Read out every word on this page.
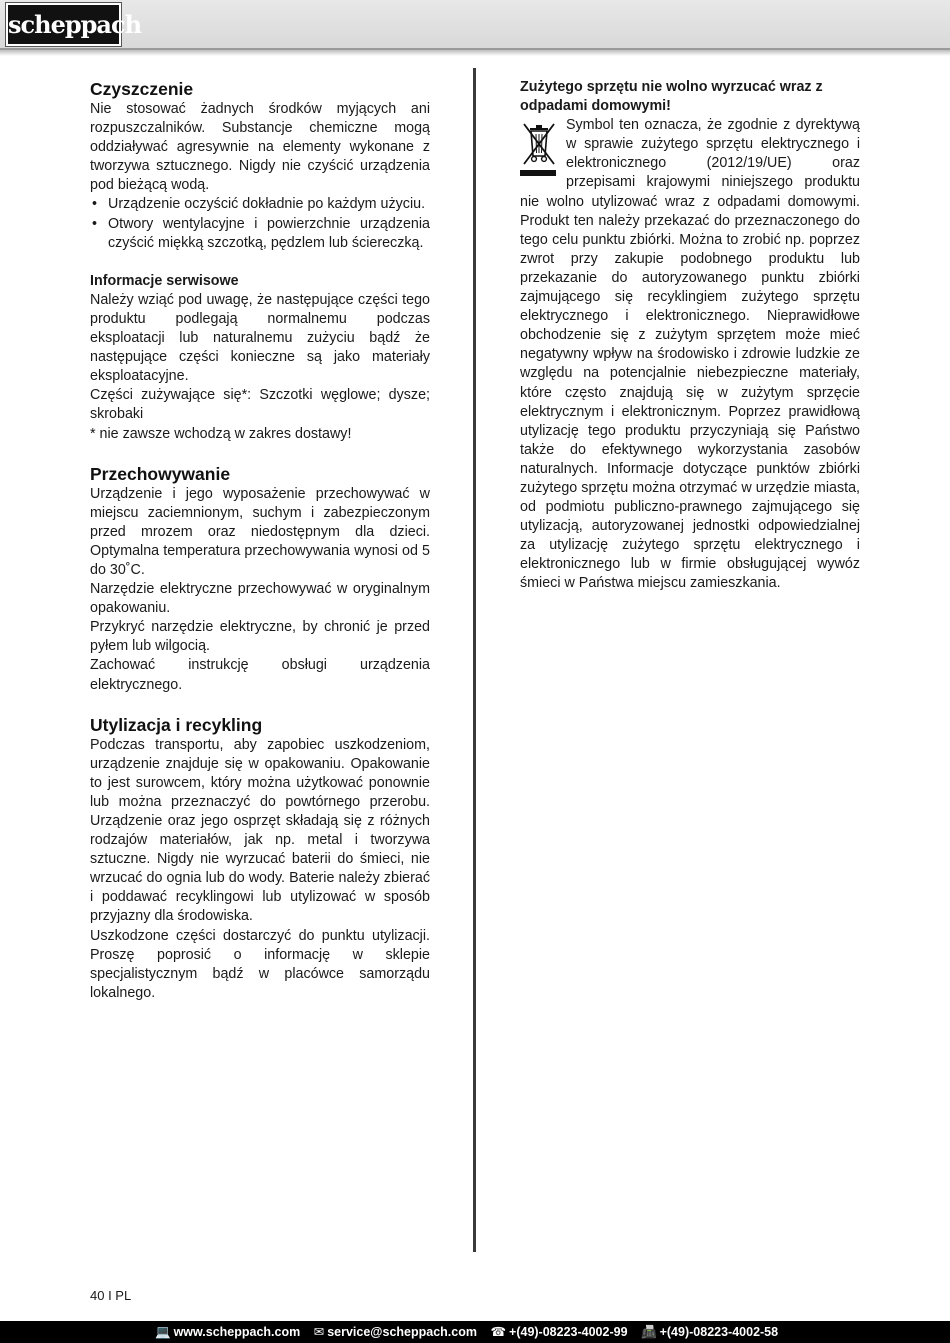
scheppach
Czyszczenie

Nie stosować żadnych środków myjących ani rozpuszczalników. Substancje chemiczne mogą oddziaływać agresywnie na elementy wykonane z tworzywa sztucznego. Nigdy nie czyścić urządzenia pod bieżącą wodą.

• Urządzenie oczyścić dokładnie po każdym użyciu.
• Otwory wentylacyjne i powierzchnie urządzenia czyścić miękką szczotką, pędzlem lub ściereczką.
Informacje serwisowe

Należy wziąć pod uwagę, że następujące części tego produktu podlegają normalnemu podczas eksploatacji lub naturalnemu zużyciu bądź że następujące części konieczne są jako materiały eksploatacyjne.

Części zużywające się*: Szczotki węglowe; dysze; skrobaki

* nie zawsze wchodzą w zakres dostawy!

Przechowywanie

Urządzenie i jego wyposażenie przechowywać w miejscu zaciemnionym, suchym i zabezpieczonym przed mrozem oraz niedostępnym dla dzieci. Optymalna temperatura przechowywania wynosi od 5 do 30˚C.

Narzędzie elektryczne przechowywać w oryginalnym opakowaniu.

Przykryć narzędzie elektryczne, by chronić je przed pyłem lub wilgocią.

Zachować instrukcję obsługi urządzenia elektrycznego.

Utylizacja i recykling

Podczas transportu, aby zapobiec uszkodzeniom, urządzenie znajduje się w opakowaniu. Opakowanie to jest surowcem, który można użytkować ponownie lub można przeznaczyć do powtórnego przerobu. Urządzenie oraz jego osprzęt składają się z różnych rodzajów materiałów, jak np. metal i tworzywa sztuczne. Nigdy nie wyrzucać baterii do śmieci, nie wrzucać do ognia lub do wody. Baterie należy zbierać i poddawać recyklingowi lub utylizować w sposób przyjazny dla środowiska.

Uszkodzone części dostarczyć do punktu utylizacji. Proszę poprosić o informację w sklepie specjalistycznym bądź w placówce samorządu lokalnego.

Zużytego sprzętu nie wolno wyrzucać wraz z odpadami domowymi!

Symbol ten oznacza, że zgodnie z dyrektywą w sprawie zużytego sprzętu elektrycznego i elektronicznego (2012/19/UE) oraz przepisami krajowymi niniejszego produktu nie wolno utylizować wraz z odpadami domowymi. Produkt ten należy przekazać do przeznaczonego do tego celu punktu zbiórki. Można to zrobić np. poprzez zwrot przy zakupie podobnego produktu lub przekazanie do autoryzowanego punktu zbiórki zajmującego się recyklingiem zużytego sprzętu elektrycznego i elektronicznego. Nieprawidłowe obchodzenie się z zużytym sprzętem może mieć negatywny wpływ na środowisko i zdrowie ludzkie ze względu na potencjalnie niebezpieczne materiały, które często znajdują się w zużytym sprzęcie elektrycznym i elektronicznym. Poprzez prawidłową utylizację tego produktu przyczyniają się Państwo także do efektywnego wykorzystania zasobów naturalnych. Informacje dotyczące punktów zbiórki zużytego sprzętu można otrzymać w urzędzie miasta, od podmiotu publiczno-prawnego zajmującego się utylizacją, autoryzowanej jednostki odpowiedzialnej za utylizację zużytego sprzętu elektrycznego i elektronicznego lub w firmie obsługującej wywóz śmieci w Państwa miejscu zamieszkania.

40 I PL
💻 www.scheppach.com ✉ service@scheppach.com ☎ +(49)-08223-4002-99 📠 +(49)-08223-4002-58
